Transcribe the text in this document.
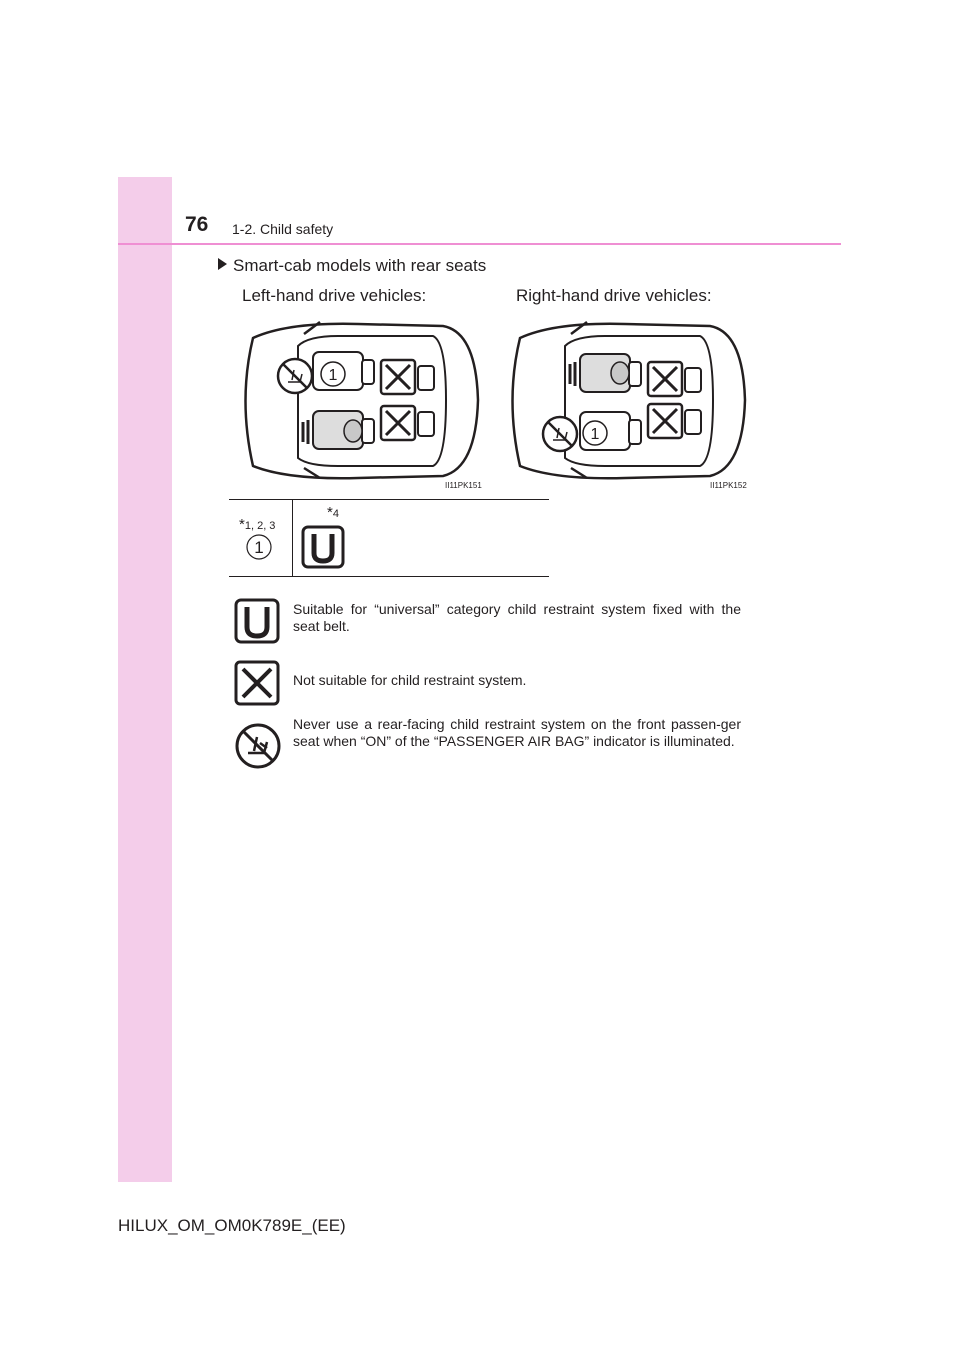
76 1-2. Child safety
Smart-cab models with rear seats
Left-hand drive vehicles:	Right-hand drive vehicles:
1
II11PK151
1
II11PK152
*1, 2, 3
1
*4
Suitable for “universal” category child restraint system fixed with the seat belt.
Not suitable for child restraint system.
Never use a rear-facing child restraint system on the front passen-ger seat when “ON” of the “PASSENGER AIR BAG” indicator is illuminated.
HILUX_OM_OM0K789E_(EE)
